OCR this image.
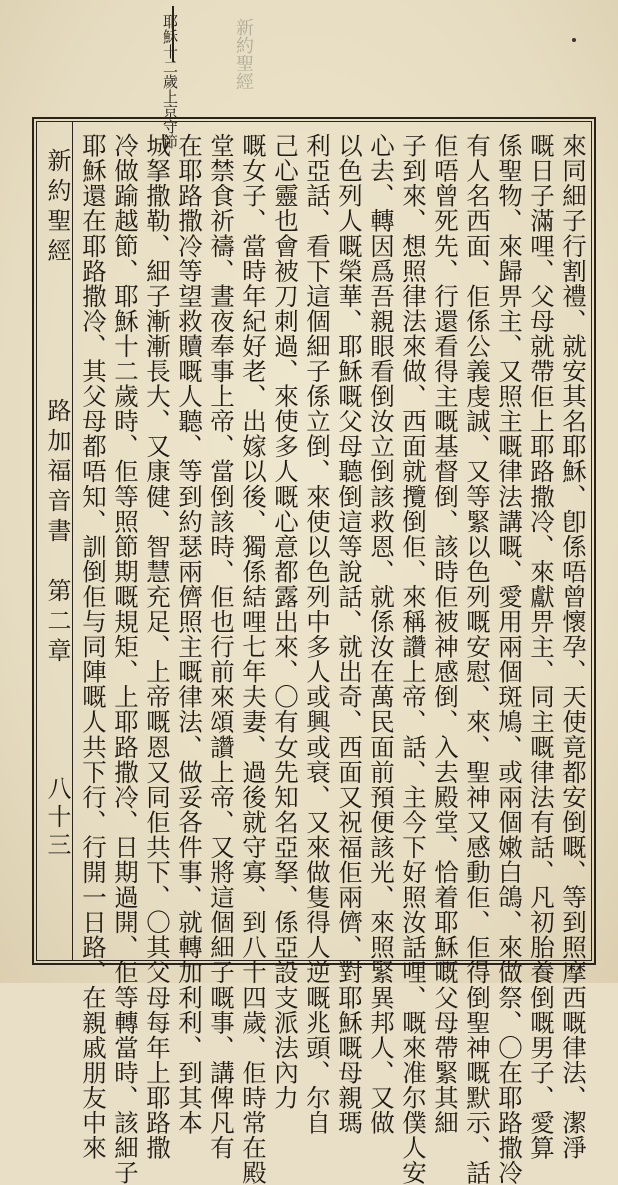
耶穌十二歲上京守節	新約聖經
新約聖經
路加福音書　第二章
八十三	來同細子行割禮、就安其名耶穌、卽係唔曾懷孕、天使竟都安倒嘅、等到照摩西嘅律法、潔淨
嘅日子滿哩、父母就帶佢上耶路撒冷、來獻畀主、同主嘅律法有話、凡初胎養倒嘅男子、愛算
係聖物、來歸畀主、又照主嘅律法講嘅、愛用兩個斑鳩、或兩個嫩白鴿、來做祭、〇在耶路撒冷
有人名西面、佢係公義虔誠、又等緊以色列嘅安慰、來、聖神又感動佢、佢得倒聖神嘅默示、話
佢唔曾死先、行還看得主嘅基督倒、該時佢被神感倒、入去殿堂、恰着耶穌嘅父母帶緊其細
子到來、想照律法來做、西面就攬倒佢、來稱讚上帝、話、主今下好照汝話哩、嘅來准尔僕人安
心去、轉因爲吾親眼看倒汝立倒該救恩、就係汝在萬民面前預便該光、來照緊異邦人、又做
以色列人嘅榮華、耶穌嘅父母聽倒這等說話、就出奇、西面又祝福佢兩儕、對耶穌嘅母親瑪
利亞話、看下這個細子係立倒、來使以色列中多人或興或衰、又來做隻得人逆嘅兆頭、尔自
己心靈也會被刀刺過、來使多人嘅心意都露出來、〇有女先知名亞拏、係亞設支派法內力
嘅女子、當時年紀好老、出嫁以後、獨係結哩七年夫妻、過後就守寡、到八十四歲、佢時常在殿
堂禁食祈禱、晝夜奉事上帝、當倒該時、佢也行前來頌讚上帝、又將這個細子嘅事、講俾凡有
在耶路撒冷等望救贖嘅人聽、等到約瑟兩儕照主嘅律法、做妥各件事、就轉加利利、到其本
城拏撒勒、細子漸漸長大、又康健、智慧充足、上帝嘅恩又同佢共下、〇其父母每年上耶路撒
冷做踰越節、耶穌十二歲時、佢等照節期嘅規矩、上耶路撒冷、日期過開、佢等轉當時、該細子
耶穌還在耶路撒冷、其父母都唔知、訓倒佢与同陣嘅人共下行、行開一日路、在親戚朋友中來
